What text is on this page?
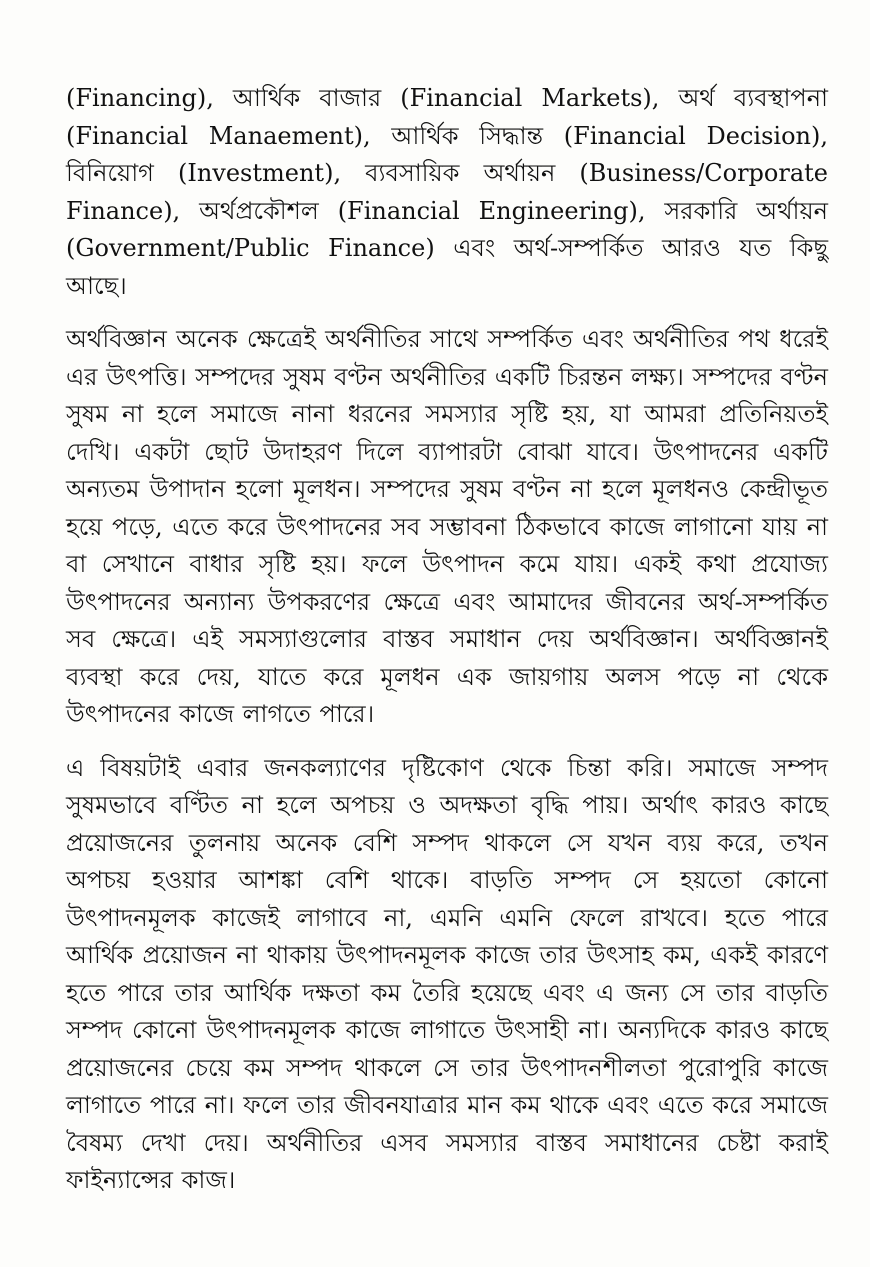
(Financing), আর্থিক বাজার (Financial Markets), অর্থ ব্যবস্থাপনা (Financial Manaement), আর্থিক সিদ্ধান্ত (Financial Decision), বিনিয়োগ (Investment), ব্যবসায়িক অর্থায়ন (Business/Corporate Finance), অর্থপ্রকৌশল (Financial Engineering), সরকারি অর্থায়ন (Government/Public Finance) এবং অর্থ-সম্পর্কিত আরও যত কিছু আছে।

অর্থবিজ্ঞান অনেক ক্ষেত্রেই অর্থনীতির সাথে সম্পর্কিত এবং অর্থনীতির পথ ধরেই এর উৎপত্তি। সম্পদের সুষম বণ্টন অর্থনীতির একটি চিরন্তন লক্ষ্য। সম্পদের বণ্টন সুষম না হলে সমাজে নানা ধরনের সমস্যার সৃষ্টি হয়, যা আমরা প্রতিনিয়তই দেখি। একটা ছোট উদাহরণ দিলে ব্যাপারটা বোঝা যাবে। উৎপাদনের একটি অন্যতম উপাদান হলো মূলধন। সম্পদের সুষম বণ্টন না হলে মূলধনও কেন্দ্রীভূত হয়ে পড়ে, এতে করে উৎপাদনের সব সম্ভাবনা ঠিকভাবে কাজে লাগানো যায় না বা সেখানে বাধার সৃষ্টি হয়। ফলে উৎপাদন কমে যায়। একই কথা প্রযোজ্য উৎপাদনের অন্যান্য উপকরণের ক্ষেত্রে এবং আমাদের জীবনের অর্থ-সম্পর্কিত সব ক্ষেত্রে। এই সমস্যাগুলোর বাস্তব সমাধান দেয় অর্থবিজ্ঞান। অর্থবিজ্ঞানই ব্যবস্থা করে দেয়, যাতে করে মূলধন এক জায়গায় অলস পড়ে না থেকে উৎপাদনের কাজে লাগতে পারে।

এ বিষয়টাই এবার জনকল্যাণের দৃষ্টিকোণ থেকে চিন্তা করি। সমাজে সম্পদ সুষমভাবে বণ্টিত না হলে অপচয় ও অদক্ষতা বৃদ্ধি পায়। অর্থাৎ কারও কাছে প্রয়োজনের তুলনায় অনেক বেশি সম্পদ থাকলে সে যখন ব্যয় করে, তখন অপচয় হওয়ার আশঙ্কা বেশি থাকে। বাড়তি সম্পদ সে হয়তো কোনো উৎপাদনমূলক কাজেই লাগাবে না, এমনি এমনি ফেলে রাখবে। হতে পারে আর্থিক প্রয়োজন না থাকায় উৎপাদনমূলক কাজে তার উৎসাহ কম, একই কারণে হতে পারে তার আর্থিক দক্ষতা কম তৈরি হয়েছে এবং এ জন্য সে তার বাড়তি সম্পদ কোনো উৎপাদনমূলক কাজে লাগাতে উৎসাহী না। অন্যদিকে কারও কাছে প্রয়োজনের চেয়ে কম সম্পদ থাকলে সে তার উৎপাদনশীলতা পুরোপুরি কাজে লাগাতে পারে না। ফলে তার জীবনযাত্রার মান কম থাকে এবং এতে করে সমাজে বৈষম্য দেখা দেয়। অর্থনীতির এসব সমস্যার বাস্তব সমাধানের চেষ্টা করাই ফাইন্যান্সের কাজ।
